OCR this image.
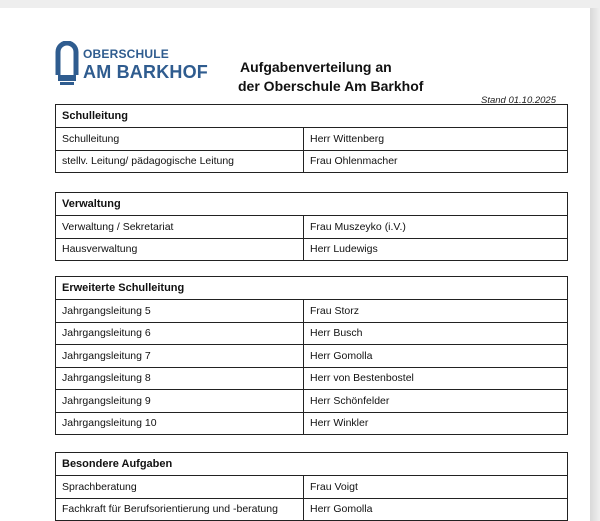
OBERSCHULE
AM BARKHOF	Aufgabenverteilung an
der Oberschule Am Barkhof
Stand 01.10.2025
Schulleitung	
Schulleitung	Herr Wittenberg
stellv. Leitung/ pädagogische Leitung	Frau Ohlenmacher
Verwaltung	
Verwaltung / Sekretariat	Frau Muszeyko (i.V.)
Hausverwaltung	Herr Ludewigs
Erweiterte Schulleitung	
Jahrgangsleitung 5	Frau Storz
Jahrgangsleitung 6	Herr Busch
Jahrgangsleitung 7	Herr Gomolla
Jahrgangsleitung 8	Herr von Bestenbostel
Jahrgangsleitung 9	Herr Schönfelder
Jahrgangsleitung 10	Herr Winkler
Besondere Aufgaben	
Sprachberatung	Frau Voigt
Fachkraft für Berufsorientierung und -beratung	Herr Gomolla
